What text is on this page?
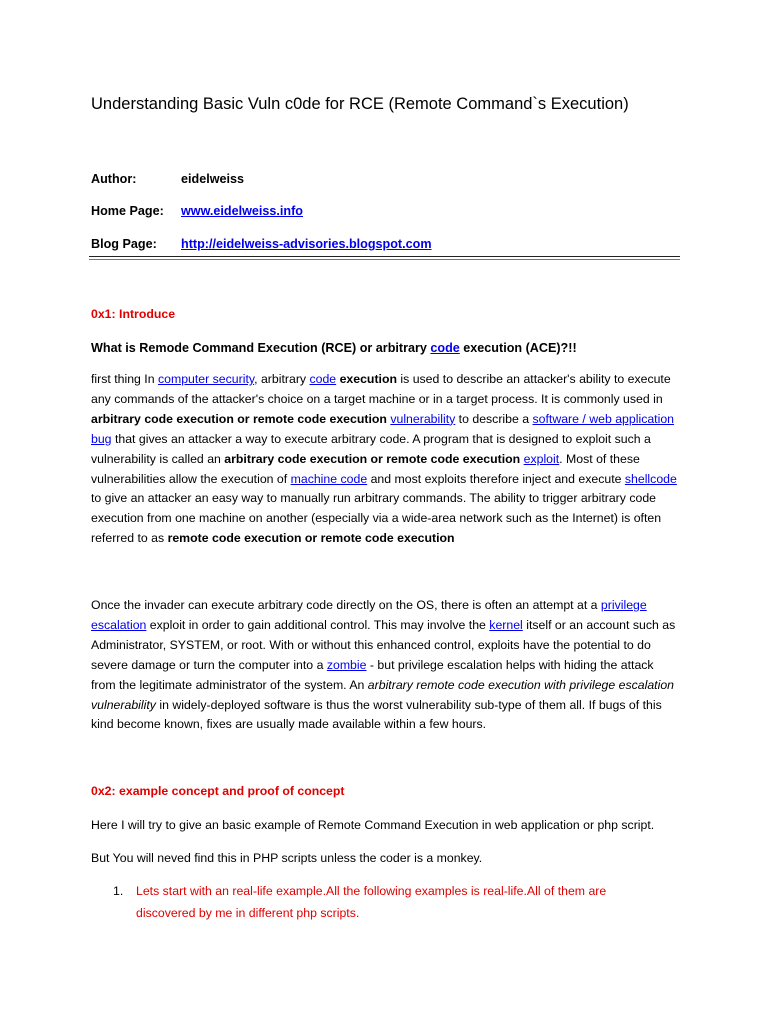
Understanding Basic Vuln c0de for RCE (Remote Command`s Execution)
Author:	eidelweiss
Home Page: www.eidelweiss.info
Blog Page: http://eidelweiss-advisories.blogspot.com
0x1: Introduce
What is Remode Command Execution (RCE) or arbitrary code execution (ACE)?!!
first thing In computer security, arbitrary code execution is used to describe an attacker's ability to execute any commands of the attacker's choice on a target machine or in a target process. It is commonly used in arbitrary code execution or remote code execution vulnerability to describe a software / web application bug that gives an attacker a way to execute arbitrary code. A program that is designed to exploit such a vulnerability is called an arbitrary code execution or remote code execution exploit. Most of these vulnerabilities allow the execution of machine code and most exploits therefore inject and execute shellcode to give an attacker an easy way to manually run arbitrary commands. The ability to trigger arbitrary code execution from one machine on another (especially via a wide-area network such as the Internet) is often referred to as remote code execution or remote code execution
Once the invader can execute arbitrary code directly on the OS, there is often an attempt at a privilege escalation exploit in order to gain additional control. This may involve the kernel itself or an account such as Administrator, SYSTEM, or root. With or without this enhanced control, exploits have the potential to do severe damage or turn the computer into a zombie - but privilege escalation helps with hiding the attack from the legitimate administrator of the system. An arbitrary remote code execution with privilege escalation vulnerability in widely-deployed software is thus the worst vulnerability sub-type of them all. If bugs of this kind become known, fixes are usually made available within a few hours.
0x2: example concept and proof of concept
Here I will try to give an basic example of Remote Command Execution in web application or php script.
But You will neved find this in PHP scripts unless the coder is a monkey.
1. Lets start with an real-life example.All the following examples is real-life.All of them are discovered by me in different php scripts.
